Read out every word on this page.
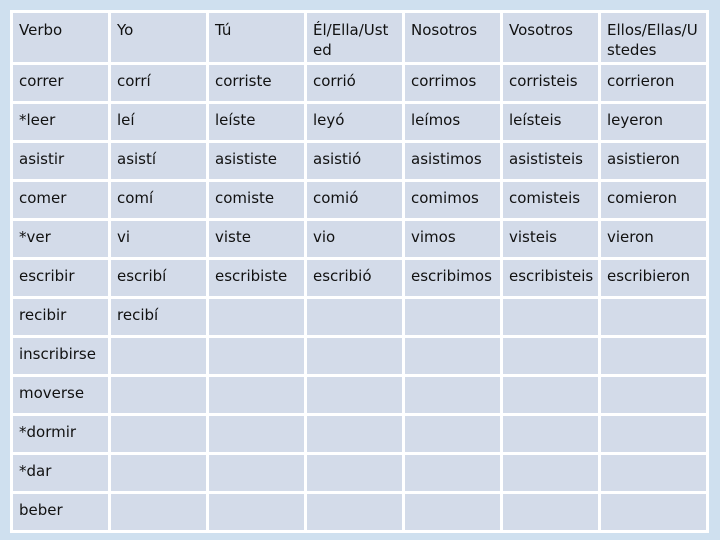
Verbo	Yo	Tú	Él/Ella/Usted	Nosotros	Vosotros	Ellos/Ellas/Ustedes
correr	corrí	corriste	corrió	corrimos	corristeis	corrieron
*leer	leí	leíste	leyó	leímos	leísteis	leyeron
asistir	asistí	asististe	asistió	asistimos	asististeis	asistieron
comer	comí	comiste	comió	comimos	comisteis	comieron
*ver	vi	viste	vio	vimos	visteis	vieron
escribir	escribí	escribiste	escribió	escribimos	escribisteis	escribieron
recibir	recibí					
inscribirse						
moverse						
*dormir						
*dar						
beber						
